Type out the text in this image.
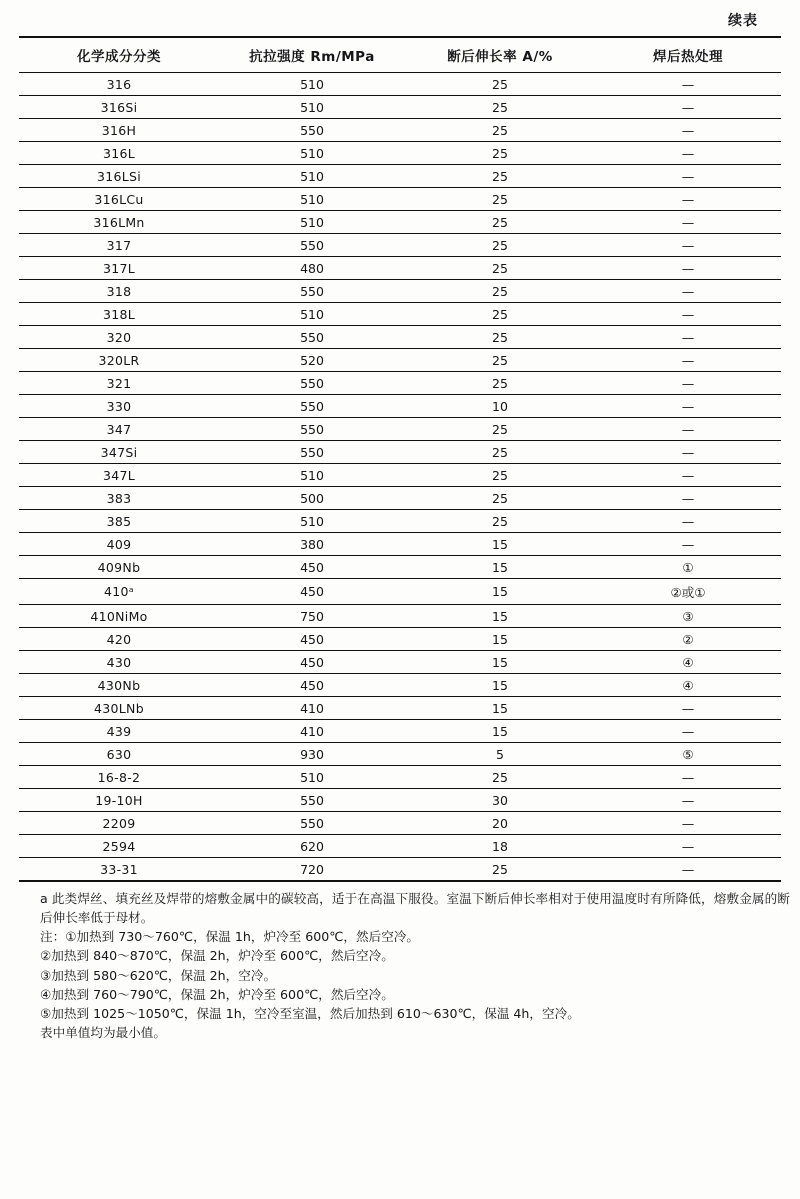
续表
化学成分分类	抗拉强度 Rm/MPa	断后伸长率 A/%	焊后热处理
316	510	25	—
316Si	510	25	—
316H	550	25	—
316L	510	25	—
316LSi	510	25	—
316LCu	510	25	—
316LMn	510	25	—
317	550	25	—
317L	480	25	—
318	550	25	—
318L	510	25	—
320	550	25	—
320LR	520	25	—
321	550	25	—
330	550	10	—
347	550	25	—
347Si	550	25	—
347L	510	25	—
383	500	25	—
385	510	25	—
409	380	15	—
409Nb	450	15	①
410ᵃ	450	15	②或①
410NiMo	750	15	③
420	450	15	②
430	450	15	④
430Nb	450	15	④
430LNb	410	15	—
439	410	15	—
630	930	5	⑤
16-8-2	510	25	—
19-10H	550	30	—
2209	550	20	—
2594	620	18	—
33-31	720	25	—

a 此类焊丝、填充丝及焊带的熔敷金属中的碳较高，适于在高温下服役。室温下断后伸长率相对于使用温度时有所降低，熔敷金属的断后伸长率低于母材。

注：①加热到 730～760℃，保温 1h，炉冷至 600℃，然后空冷。

②加热到 840～870℃，保温 2h，炉冷至 600℃，然后空冷。

③加热到 580～620℃，保温 2h，空冷。

④加热到 760～790℃，保温 2h，炉冷至 600℃，然后空冷。

⑤加热到 1025～1050℃，保温 1h，空冷至室温，然后加热到 610～630℃，保温 4h，空冷。

表中单值均为最小值。
